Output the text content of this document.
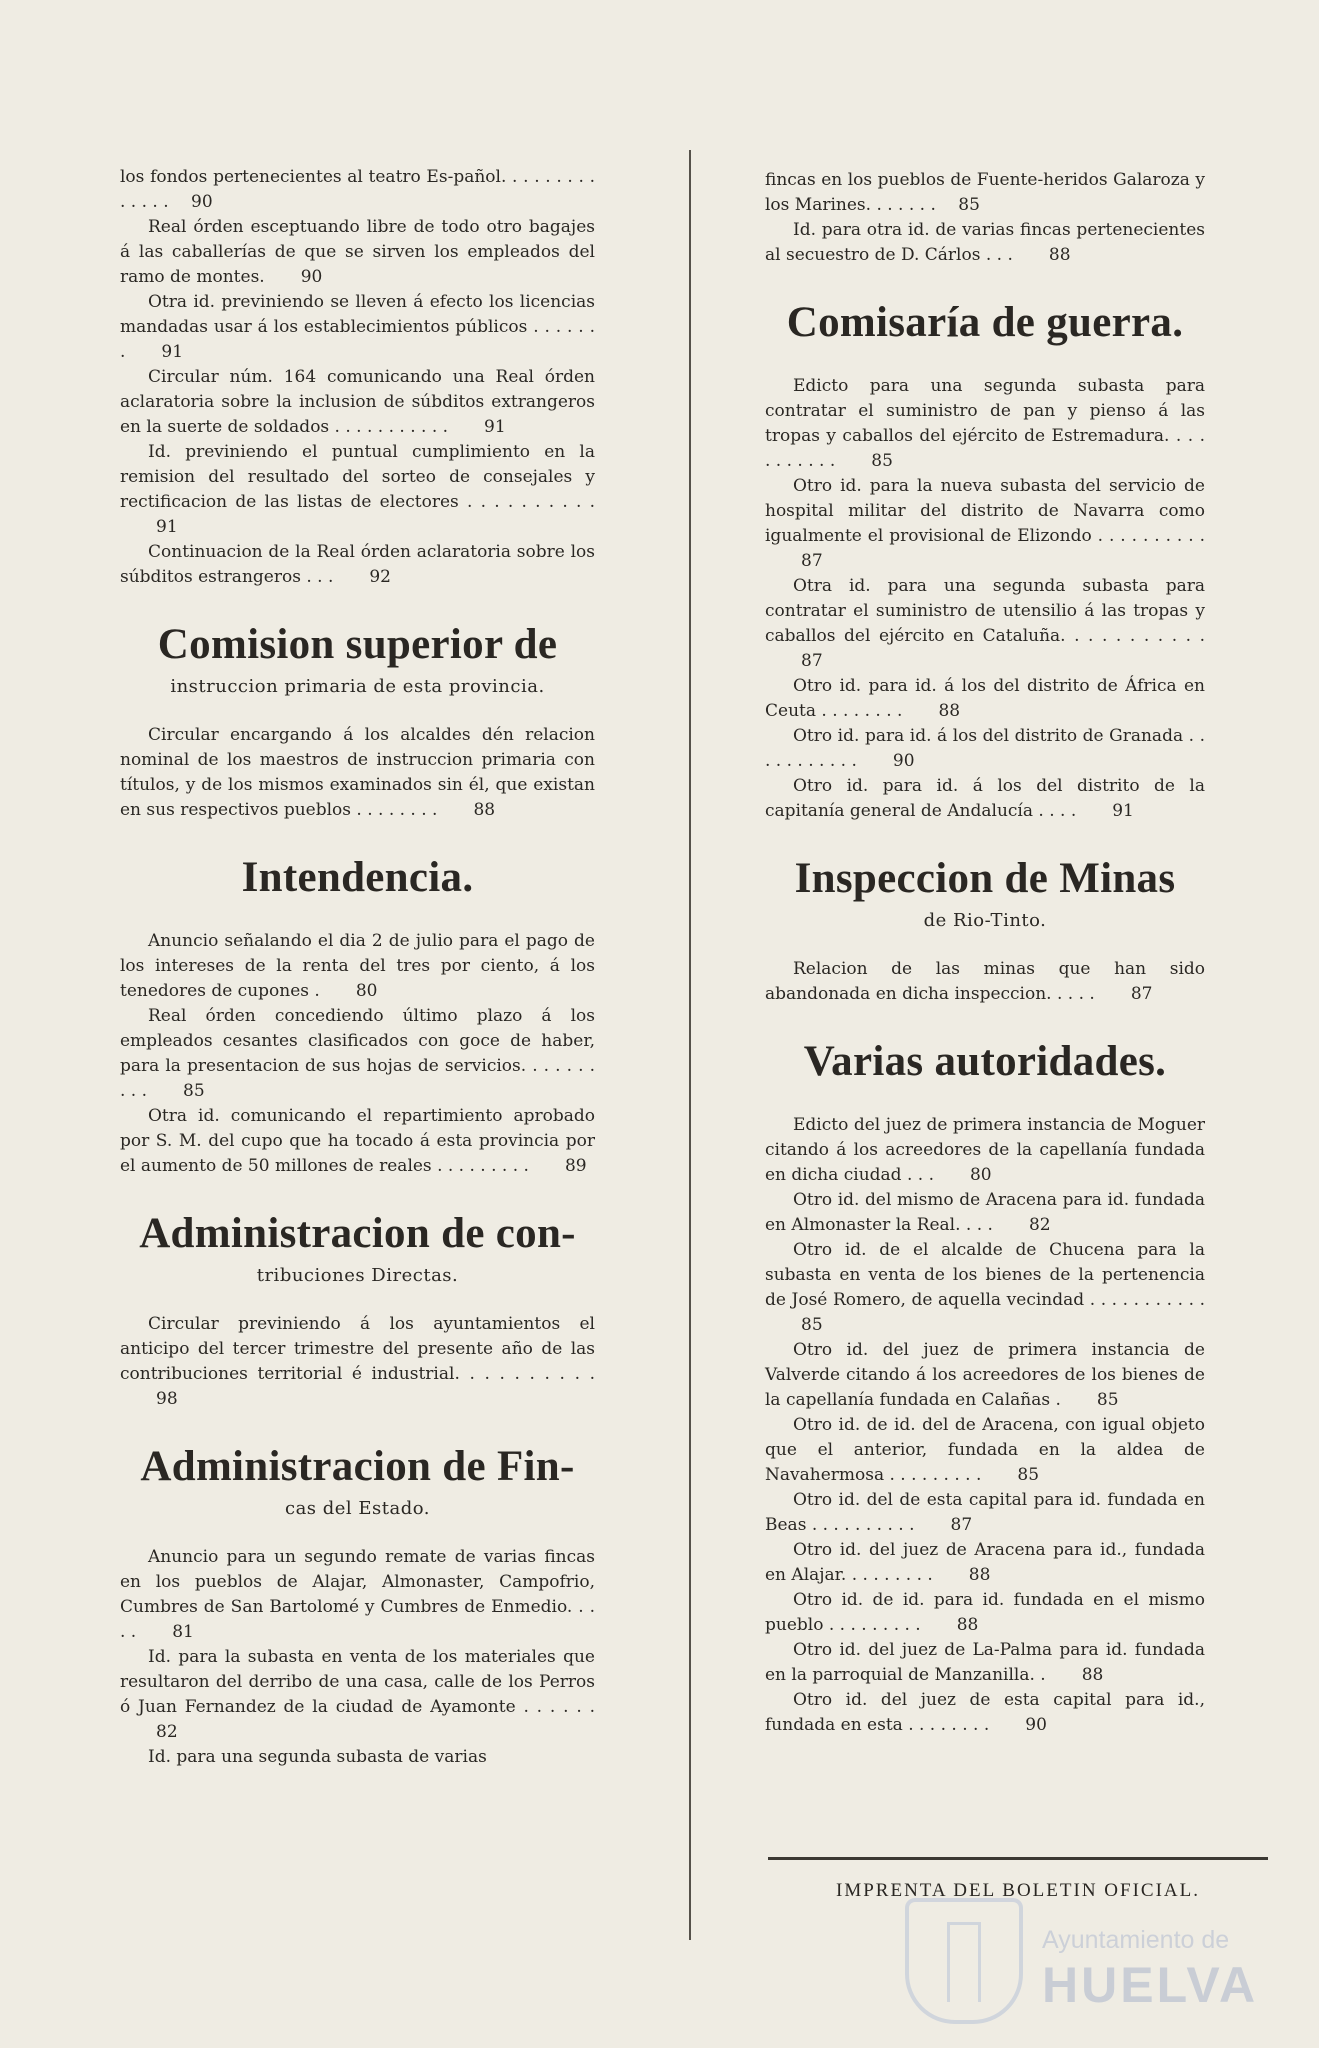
los fondos pertenecientes al teatro Es-pañol. . . . . . . . . . . . . . 90
Real órden esceptuando libre de todo otro bagajes á las caballerías de que se sirven los empleados del ramo de montes. 90
Otra id. previniendo se lleven á efecto los licencias mandadas usar á los establecimientos públicos . . . . . . . 91
Circular núm. 164 comunicando una Real órden aclaratoria sobre la inclusion de súbditos extrangeros en la suerte de soldados . . . . . . . . . . . 91
Id. previniendo el puntual cumplimiento en la remision del resultado del sorteo de consejales y rectificacion de las listas de electores . . . . . . . . . .91
Continuacion de la Real órden aclaratoria sobre los súbditos estrangeros . . . 92
Comision superior de
instruccion primaria de esta provincia.
Circular encargando á los alcaldes dén relacion nominal de los maestros de instruccion primaria con títulos, y de los mismos examinados sin él, que existan en sus respectivos pueblos . . . . . . . . 88
Intendencia.
Anuncio señalando el dia 2 de julio para el pago de los intereses de la renta del tres por ciento, á los tenedores de cupones . 80
Real órden concediendo último plazo á los empleados cesantes clasificados con goce de haber, para la presentacion de sus hojas de servicios. . . . . . . . . . 85
Otra id. comunicando el repartimiento aprobado por S. M. del cupo que ha tocado á esta provincia por el aumento de 50 millones de reales . . . . . . . . . 89
Administracion de con-
tribuciones Directas.
Circular previniendo á los ayuntamientos el anticipo del tercer trimestre del presente año de las contribuciones territorial é industrial. . . . . . . . . .98
Administracion de Fin-
cas del Estado.
Anuncio para un segundo remate de varias fincas en los pueblos de Alajar, Almonaster, Campofrio, Cumbres de San Bartolomé y Cumbres de Enmedio. . . . . 81
Id. para la subasta en venta de los materiales que resultaron del derribo de una casa, calle de los Perros ó Juan Fernandez de la ciudad de Ayamonte . . . . . .82
Id. para una segunda subasta de varias
fincas en los pueblos de Fuente-heridos Galaroza y los Marines. . . . . . . 85
Id. para otra id. de varias fincas pertenecientes al secuestro de D. Cárlos . . . 88
Comisaría de guerra.
Edicto para una segunda subasta para contratar el suministro de pan y pienso á las tropas y caballos del ejército de Estremadura. . . . . . . . . . . 85
Otro id. para la nueva subasta del servicio de hospital militar del distrito de Navarra como igualmente el provisional de Elizondo . . . . . . . . . .87
Otra id. para una segunda subasta para contratar el suministro de utensilio á las tropas y caballos del ejército en Cataluña. . . . . . . . . . .87
Otro id. para id. á los del distrito de África en Ceuta . . . . . . . . 88
Otro id. para id. á los del distrito de Granada . . . . . . . . . . . 90
Otro id. para id. á los del distrito de la capitanía general de Andalucía . . . . 91
Inspeccion de Minas
de Rio-Tinto.
Relacion de las minas que han sido abandonada en dicha inspeccion. . . . . 87
Varias autoridades.
Edicto del juez de primera instancia de Moguer citando á los acreedores de la capellanía fundada en dicha ciudad . . . 80
Otro id. del mismo de Aracena para id. fundada en Almonaster la Real. . . . 82
Otro id. de el alcalde de Chucena para la subasta en venta de los bienes de la pertenencia de José Romero, de aquella vecindad . . . . . . . . . . .85
Otro id. del juez de primera instancia de Valverde citando á los acreedores de los bienes de la capellanía fundada en Calañas . 85
Otro id. de id. del de Aracena, con igual objeto que el anterior, fundada en la aldea de Navahermosa . . . . . . . . . 85
Otro id. del de esta capital para id. fundada en Beas . . . . . . . . . . 87
Otro id. del juez de Aracena para id., fundada en Alajar. . . . . . . . . 88
Otro id. de id. para id. fundada en el mismo pueblo . . . . . . . . . 88
Otro id. del juez de La-Palma para id. fundada en la parroquial de Manzanilla. . 88
Otro id. del juez de esta capital para id., fundada en esta . . . . . . . . 90
IMPRENTA DEL BOLETIN OFICIAL.
Ayuntamiento de
HUELVA
